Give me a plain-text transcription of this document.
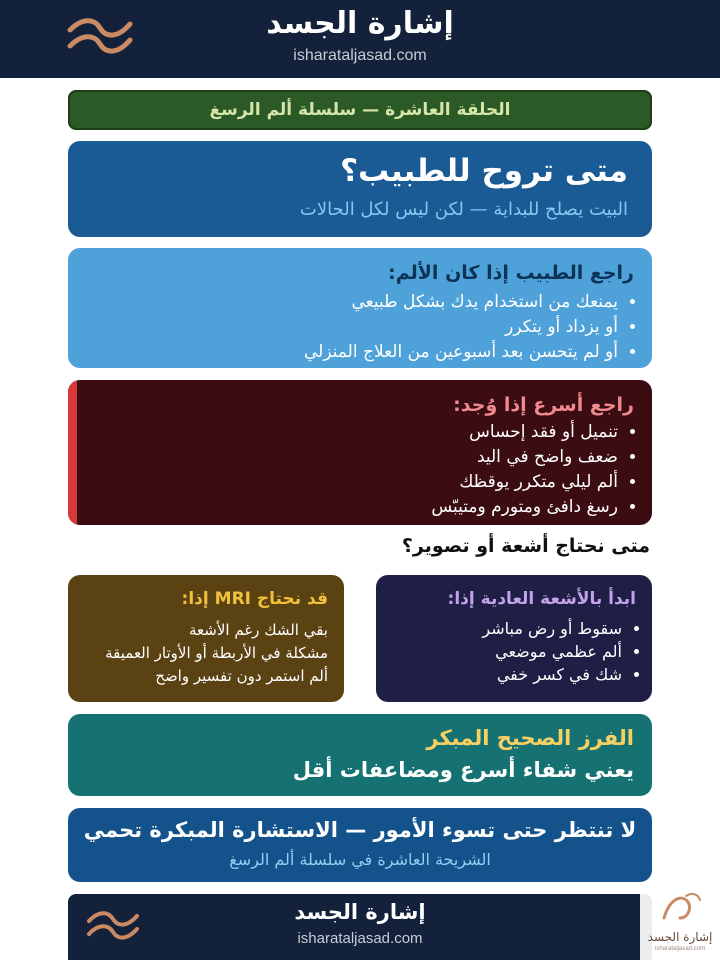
إشارة الجسد
isharataljasad.com
الحلقة العاشرة — سلسلة ألم الرسغ
متى تروح للطبيب؟
البيت يصلح للبداية — لكن ليس لكل الحالات
راجع الطبيب إذا كان الألم:
• يمنعك من استخدام يدك بشكل طبيعي
• أو يزداد أو يتكرر
• أو لم يتحسن بعد أسبوعين من العلاج المنزلي
راجع أسرع إذا وُجد:
• تنميل أو فقد إحساس
• ضعف واضح في اليد
• ألم ليلي متكرر يوقظك
• رسغ دافئ ومتورم ومتيبّس
متى نحتاج أشعة أو تصوير؟
ابدأ بالأشعة العادية إذا:
• سقوط أو رض مباشر
• ألم عظمي موضعي
• شك في كسر خفي
قد نحتاج MRI إذا:
بقي الشك رغم الأشعة
مشكلة في الأربطة أو الأوتار العميقة
ألم استمر دون تفسير واضح
الفرز الصحيح المبكر
يعني شفاء أسرع ومضاعفات أقل
لا تنتظر حتى تسوء الأمور — الاستشارة المبكرة تحمي
الشريحة العاشرة في سلسلة ألم الرسغ
إشارة الجسد
isharataljasad.com	إشارة الجسد
isharataljasad.com
